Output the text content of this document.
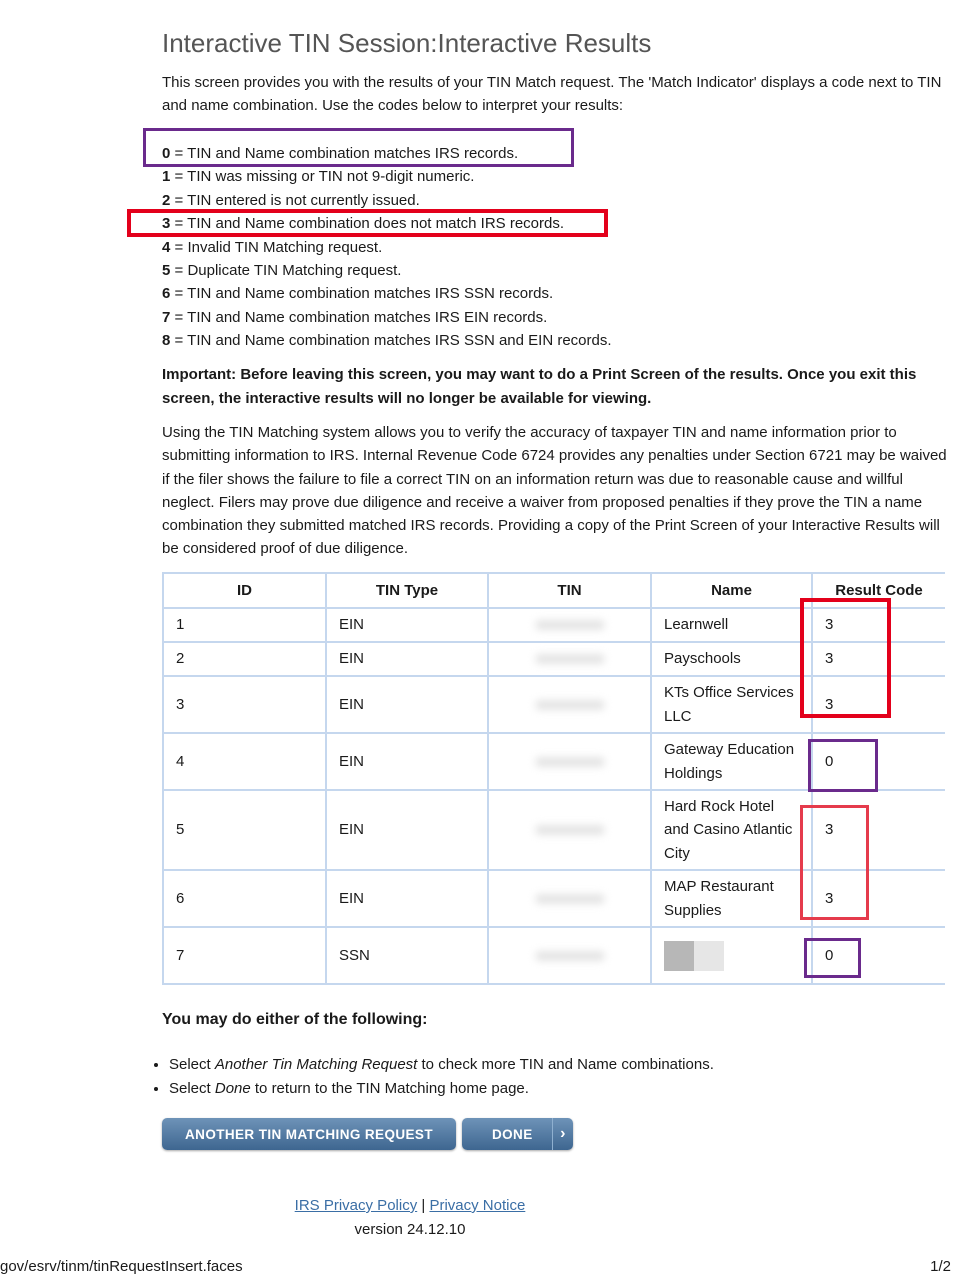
Interactive TIN Session:Interactive Results

This screen provides you with the results of your TIN Match request. The 'Match Indicator' displays a code next to TIN and name combination. Use the codes below to interpret your results:

0 = TIN and Name combination matches IRS records.
1 = TIN was missing or TIN not 9-digit numeric.
2 = TIN entered is not currently issued.
3 = TIN and Name combination does not match IRS records.
4 = Invalid TIN Matching request.
5 = Duplicate TIN Matching request.
6 = TIN and Name combination matches IRS SSN records.
7 = TIN and Name combination matches IRS EIN records.
8 = TIN and Name combination matches IRS SSN and EIN records.

Important: Before leaving this screen, you may want to do a Print Screen of the results. Once you exit this screen, the interactive results will no longer be available for viewing.

Using the TIN Matching system allows you to verify the accuracy of taxpayer TIN and name information prior to submitting information to IRS. Internal Revenue Code 6724 provides any penalties under Section 6721 may be waived if the filer shows the failure to file a correct TIN on an information return was due to reasonable cause and willful neglect. Filers may prove due diligence and receive a waiver from proposed penalties if they prove the TIN a name combination they submitted matched IRS records. Providing a copy of the Print Screen of your Interactive Results will be considered proof of due diligence.

ID	TIN Type	TIN	Name	Result Code
1	EIN		Learnwell	3
2	EIN		Payschools	3
3	EIN		KTs Office Services LLC	3
4	EIN		Gateway Education Holdings	0
5	EIN		Hard Rock Hotel and Casino Atlantic City	3
6	EIN		MAP Restaurant Supplies	3
7	SSN			0

You may do either of the following:

• Select Another Tin Matching Request to check more TIN and Name combinations.
• Select Done to return to the TIN Matching home page.
ANOTHER TIN MATCHING REQUEST	DONE	›
IRS Privacy Policy | Privacy Notice
version 24.12.10
gov/esrv/tinm/tinRequestInsert.faces	1/2
